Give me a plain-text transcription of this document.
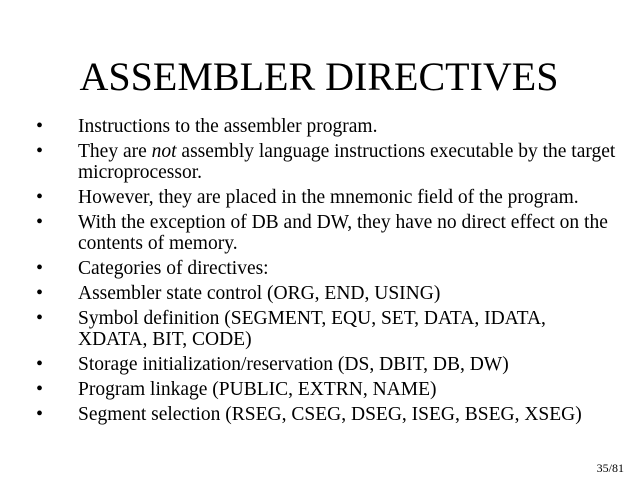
ASSEMBLER DIRECTIVES
• Instructions to the assembler program.
• They are not assembly language instructions executable by the target microprocessor.
• However, they are placed in the mnemonic field of the program.
• With the exception of DB and DW, they have no direct effect on the contents of memory.
• Categories of directives:
• Assembler state control (ORG, END, USING)
• Symbol definition (SEGMENT, EQU, SET, DATA, IDATA, XDATA, BIT, CODE)
• Storage initialization/reservation (DS, DBIT, DB, DW)
• Program linkage (PUBLIC, EXTRN, NAME)
• Segment selection (RSEG, CSEG, DSEG, ISEG, BSEG, XSEG)
35/81
